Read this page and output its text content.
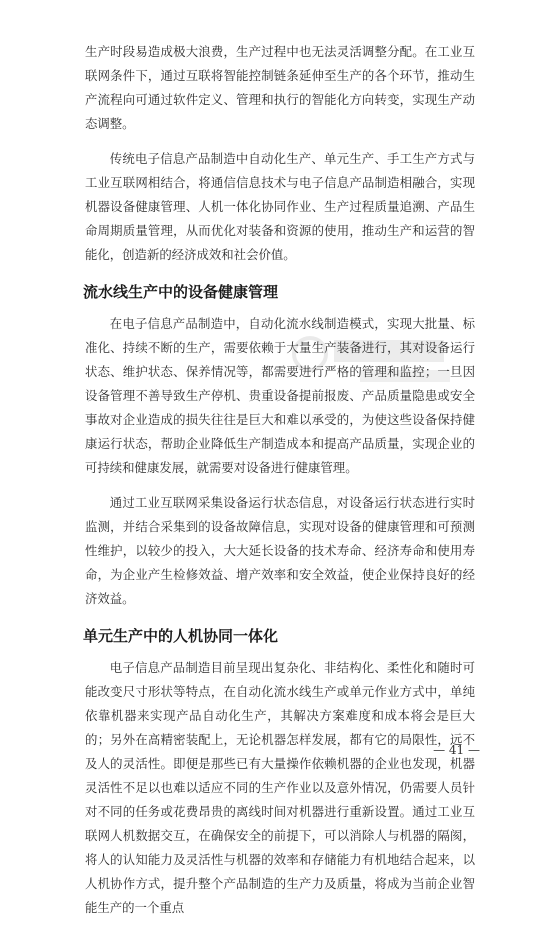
生产时段易造成极大浪费，生产过程中也无法灵活调整分配。在工业互联网条件下，通过互联将智能控制链条延伸至生产的各个环节，推动生产流程向可通过软件定义、管理和执行的智能化方向转变，实现生产动态调整。

传统电子信息产品制造中自动化生产、单元生产、手工生产方式与工业互联网相结合，将通信信息技术与电子信息产品制造相融合，实现机器设备健康管理、人机一体化协同作业、生产过程质量追溯、产品生命周期质量管理，从而优化对装备和资源的使用，推动生产和运营的智能化，创造新的经济成效和社会价值。

流水线生产中的设备健康管理

在电子信息产品制造中，自动化流水线制造模式，实现大批量、标准化、持续不断的生产，需要依赖于大量生产装备进行，其对设备运行状态、维护状态、保养情况等，都需要进行严格的管理和监控；一旦因设备管理不善导致生产停机、贵重设备提前报废、产品质量隐患或安全事故对企业造成的损失往往是巨大和难以承受的，为使这些设备保持健康运行状态，帮助企业降低生产制造成本和提高产品质量，实现企业的可持续和健康发展，就需要对设备进行健康管理。

通过工业互联网采集设备运行状态信息，对设备运行状态进行实时监测，并结合采集到的设备故障信息，实现对设备的健康管理和可预测性维护，以较少的投入，大大延长设备的技术寿命、经济寿命和使用寿命，为企业产生检修效益、增产效率和安全效益，使企业保持良好的经济效益。

单元生产中的人机协同一体化

电子信息产品制造目前呈现出复杂化、非结构化、柔性化和随时可能改变尺寸形状等特点，在自动化流水线生产或单元作业方式中，单纯依靠机器来实现产品自动化生产，其解决方案难度和成本将会是巨大的；另外在高精密装配上，无论机器怎样发展，都有它的局限性，远不及人的灵活性。即便是那些已有大量操作依赖机器的企业也发现，机器灵活性不足以也难以适应不同的生产作业以及意外情况，仍需要人员针对不同的任务或花费昂贵的离线时间对机器进行重新设置。通过工业互联网人机数据交互，在确保安全的前提下，可以消除人与机器的隔阂，将人的认知能力及灵活性与机器的效率和存储能力有机地结合起来，以人机协作方式，提升整个产品制造的生产力及质量，将成为当前企业智能生产的一个重点

— 41 —
